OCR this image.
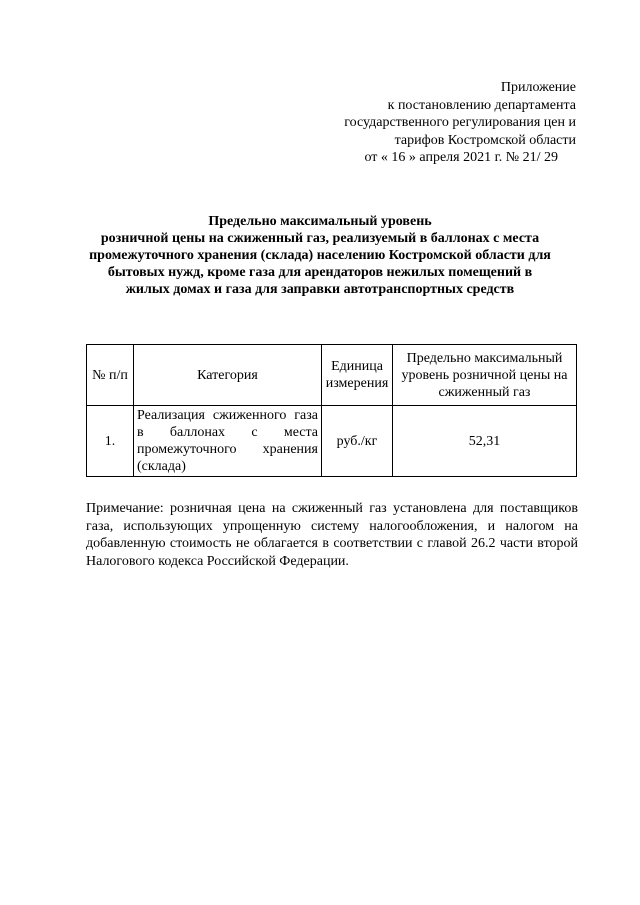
Приложение
к постановлению департамента
государственного регулирования цен и
тарифов Костромской области
от « 16 » апреля 2021 г. № 21/ 29
Предельно максимальный уровень
розничной цены на сжиженный газ, реализуемый в баллонах с места
промежуточного хранения (склада) населению Костромской области для
бытовых нужд, кроме газа для арендаторов нежилых помещений в
жилых домах и газа для заправки автотранспортных средств
№ п/п	Категория	Единица измерения	Предельно максимальный уровень розничной цены на сжиженный газ
1.	Реализация сжиженного газа в баллонах с места промежуточного хранения (склада)	руб./кг	52,31
Примечание: розничная цена на сжиженный газ установлена для поставщиков газа, использующих упрощенную систему налогообложения, и налогом на добавленную стоимость не облагается в соответствии с главой 26.2 части второй Налогового кодекса Российской Федерации.
